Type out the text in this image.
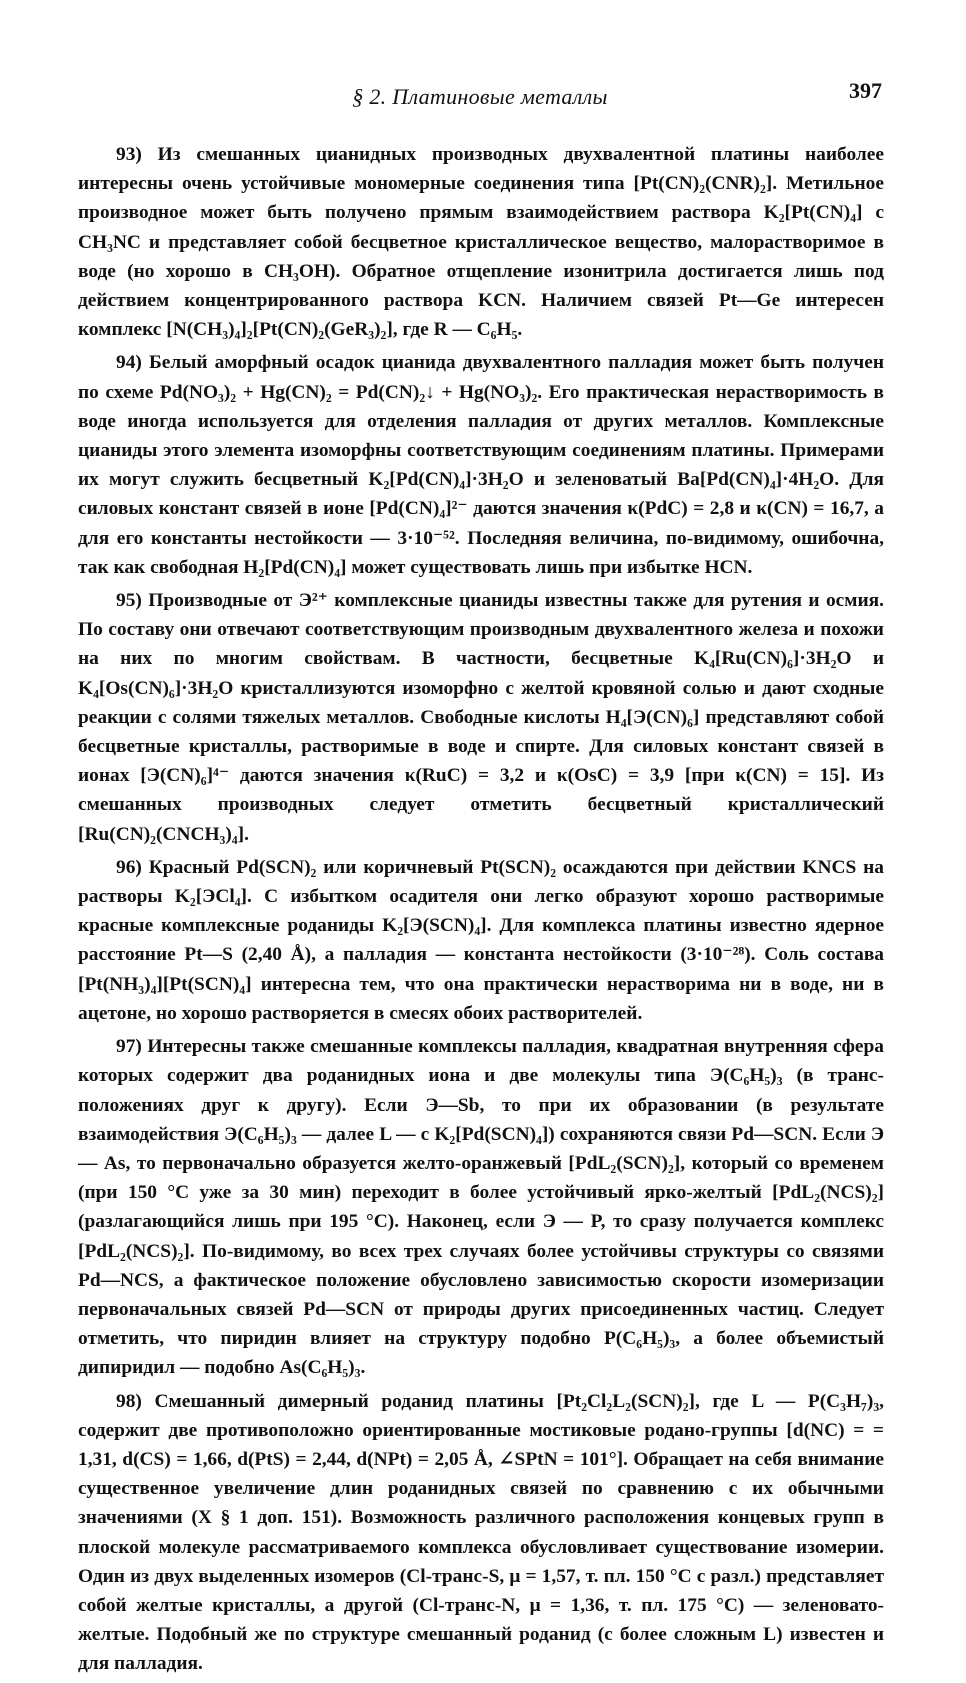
§ 2. Платиновые металлы	397

93) Из смешанных цианидных производных двухвалентной платины наиболее интересны очень устойчивые мономерные соединения типа [Pt(CN)₂(CNR)₂]. Метильное производное может быть получено прямым взаимодействием раствора K₂[Pt(CN)₄] с CH₃NC и представляет собой бесцветное кристаллическое вещество, малорастворимое в воде (но хорошо в CH₃OH). Обратное отщепление изонитрила достигается лишь под действием концентрированного раствора KCN. Наличием связей Pt—Ge интересен комплекс [N(CH₃)₄]₂[Pt(CN)₂(GeR₃)₂], где R — C₆H₅.

94) Белый аморфный осадок цианида двухвалентного палладия может быть получен по схеме Pd(NO₃)₂ + Hg(CN)₂ = Pd(CN)₂↓ + Hg(NO₃)₂. Его практическая нерастворимость в воде иногда используется для отделения палладия от других металлов. Комплексные цианиды этого элемента изоморфны соответствующим соединениям платины. Примерами их могут служить бесцветный K₂[Pd(CN)₄]·3H₂O и зеленоватый Ba[Pd(CN)₄]·4H₂O. Для силовых констант связей в ионе [Pd(CN)₄]²⁻ даются значения κ(PdC) = 2,8 и κ(CN) = 16,7, а для его константы нестойкости — 3·10⁻⁵². Последняя величина, по-видимому, ошибочна, так как свободная H₂[Pd(CN)₄] может существовать лишь при избытке HCN.

95) Производные от Э²⁺ комплексные цианиды известны также для рутения и осмия. По составу они отвечают соответствующим производным двухвалентного железа и похожи на них по многим свойствам. В частности, бесцветные K₄[Ru(CN)₆]·3H₂O и K₄[Os(CN)₆]·3H₂O кристаллизуются изоморфно с желтой кровяной солью и дают сходные реакции с солями тяжелых металлов. Свободные кислоты H₄[Э(CN)₆] представляют собой бесцветные кристаллы, растворимые в воде и спирте. Для силовых констант связей в ионах [Э(CN)₆]⁴⁻ даются значения κ(RuC) = 3,2 и κ(OsC) = 3,9 [при κ(CN) = 15]. Из смешанных производных следует отметить бесцветный кристаллический [Ru(CN)₂(CNCH₃)₄].

96) Красный Pd(SCN)₂ или коричневый Pt(SCN)₂ осаждаются при действии KNCS на растворы K₂[ЭCl₄]. С избытком осадителя они легко образуют хорошо растворимые красные комплексные роданиды K₂[Э(SCN)₄]. Для комплекса платины известно ядерное расстояние Pt—S (2,40 Å), а палладия — константа нестойкости (3·10⁻²⁸). Соль состава [Pt(NH₃)₄][Pt(SCN)₄] интересна тем, что она практически нерастворима ни в воде, ни в ацетоне, но хорошо растворяется в смесях обоих растворителей.

97) Интересны также смешанные комплексы палладия, квадратная внутренняя сфера которых содержит два роданидных иона и две молекулы типа Э(C₆H₅)₃ (в транс-положениях друг к другу). Если Э—Sb, то при их образовании (в результате взаимодействия Э(C₆H₅)₃ — далее L — с K₂[Pd(SCN)₄]) сохраняются связи Pd—SCN. Если Э — As, то первоначально образуется желто-оранжевый [PdL₂(SCN)₂], который со временем (при 150 °C уже за 30 мин) переходит в более устойчивый ярко-желтый [PdL₂(NCS)₂] (разлагающийся лишь при 195 °C). Наконец, если Э — P, то сразу получается комплекс [PdL₂(NCS)₂]. По-видимому, во всех трех случаях более устойчивы структуры со связями Pd—NCS, а фактическое положение обусловлено зависимостью скорости изомеризации первоначальных связей Pd—SCN от природы других присоединенных частиц. Следует отметить, что пиридин влияет на структуру подобно P(C₆H₅)₃, а более объемистый дипиридил — подобно As(C₆H₅)₃.

98) Смешанный димерный роданид платины [Pt₂Cl₂L₂(SCN)₂], где L — P(C₃H₇)₃, содержит две противоположно ориентированные мостиковые родано-группы [d(NC) = = 1,31, d(CS) = 1,66, d(PtS) = 2,44, d(NPt) = 2,05 Å, ∠SPtN = 101°]. Обращает на себя внимание существенное увеличение длин роданидных связей по сравнению с их обычными значениями (X § 1 доп. 151). Возможность различного расположения концевых групп в плоской молекуле рассматриваемого комплекса обусловливает существование изомерии. Один из двух выделенных изомеров (Cl-транс-S, μ = 1,57, т. пл. 150 °C с разл.) представляет собой желтые кристаллы, а другой (Cl-транс-N, μ = 1,36, т. пл. 175 °C) — зеленовато-желтые. Подобный же по структуре смешанный роданид (с более сложным L) известен и для палладия.
